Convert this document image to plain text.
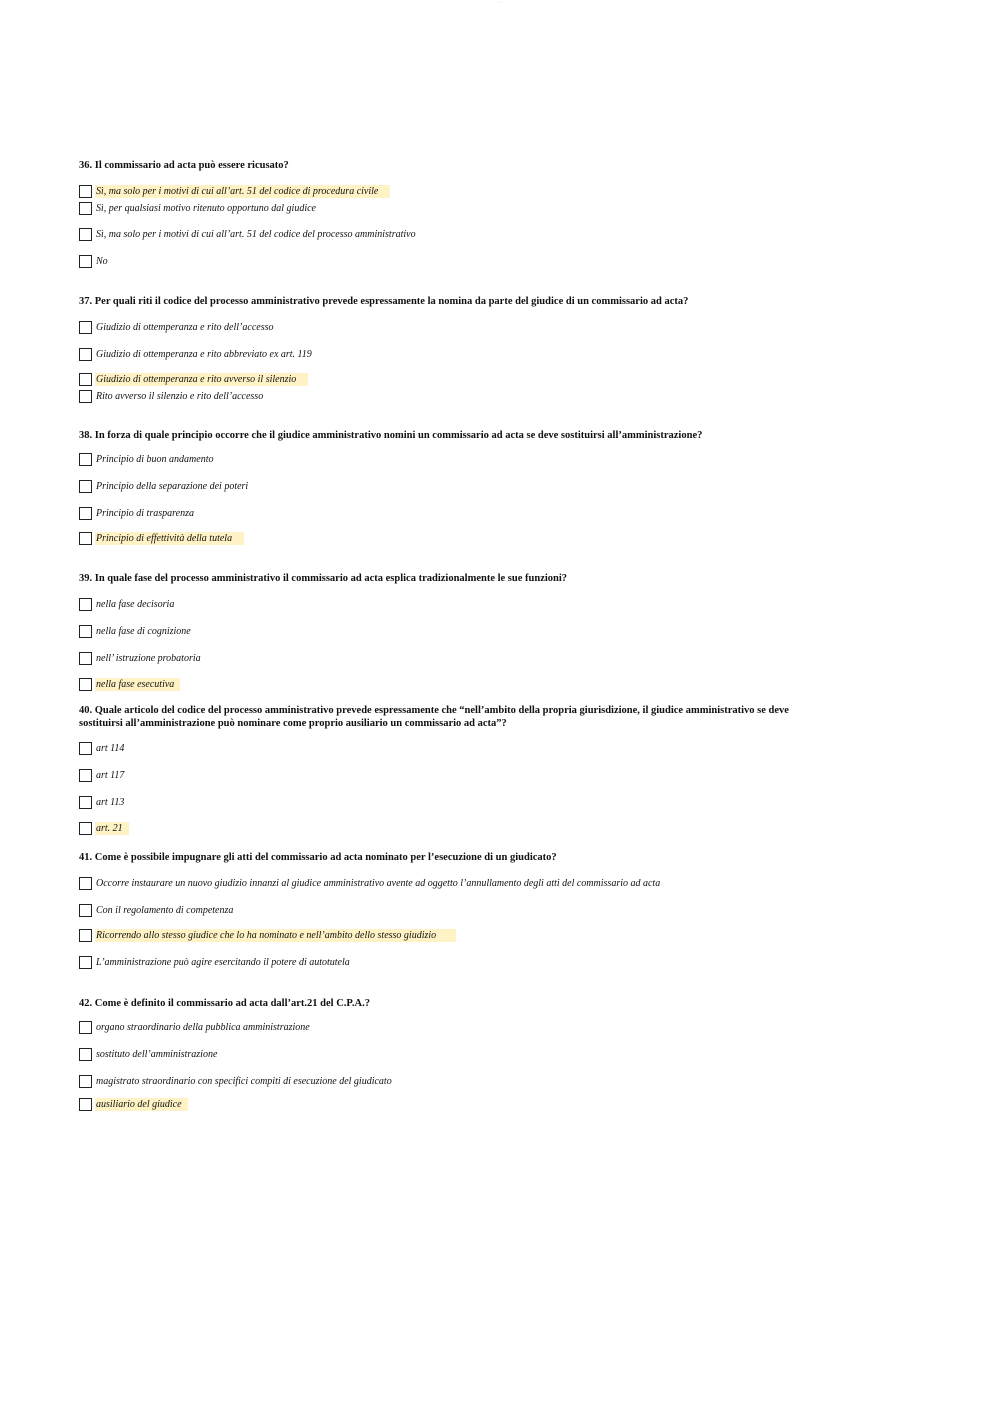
····
36. Il commissario ad acta può essere ricusato?
Sì, ma solo per i motivi di cui all’art. 51 del codice di procedura civile
Sì, per qualsiasi motivo ritenuto opportuno dal giudice
Sì, ma solo per i motivi di cui all’art. 51 del codice del processo amministrativo
No
37. Per quali riti il codice del processo amministrativo prevede espressamente la nomina da parte del giudice di un commissario ad acta?
Giudizio di ottemperanza e rito dell’accesso
Giudizio di ottemperanza e rito abbreviato ex art. 119
Giudizio di ottemperanza e rito avverso il silenzio
Rito avverso il silenzio e rito dell’accesso
38. In forza di quale principio occorre che il giudice amministrativo nomini un commissario ad acta se deve sostituirsi all’amministrazione?
Principio di buon andamento
Principio della separazione dei poteri
Principio di trasparenza
Principio di effettività della tutela
39. In quale fase del processo amministrativo il commissario ad acta esplica tradizionalmente le sue funzioni?
nella fase decisoria
nella fase di cognizione
nell’ istruzione probatoria
nella fase esecutiva
40. Quale articolo del codice del processo amministrativo prevede espressamente che “nell’ambito della propria giurisdizione, il giudice amministrativo se deve
sostituirsi all’amministrazione può nominare come proprio ausiliario un commissario ad acta”?
art 114
art 117
art 113
art. 21
41. Come è possibile impugnare gli atti del commissario ad acta nominato per l’esecuzione di un giudicato?
Occorre instaurare un nuovo giudizio innanzi al giudice amministrativo avente ad oggetto l’annullamento degli atti del commissario ad acta
Con il regolamento di competenza
Ricorrendo allo stesso giudice che lo ha nominato e nell’ambito dello stesso giudizio
L’amministrazione può agire esercitando il potere di autotutela
42. Come è definito il commissario ad acta dall’art.21 del C.P.A.?
organo straordinario della pubblica amministrazione
sostituto dell’amministrazione
magistrato straordinario con specifici compiti di esecuzione del giudicato
ausiliario del giudice
